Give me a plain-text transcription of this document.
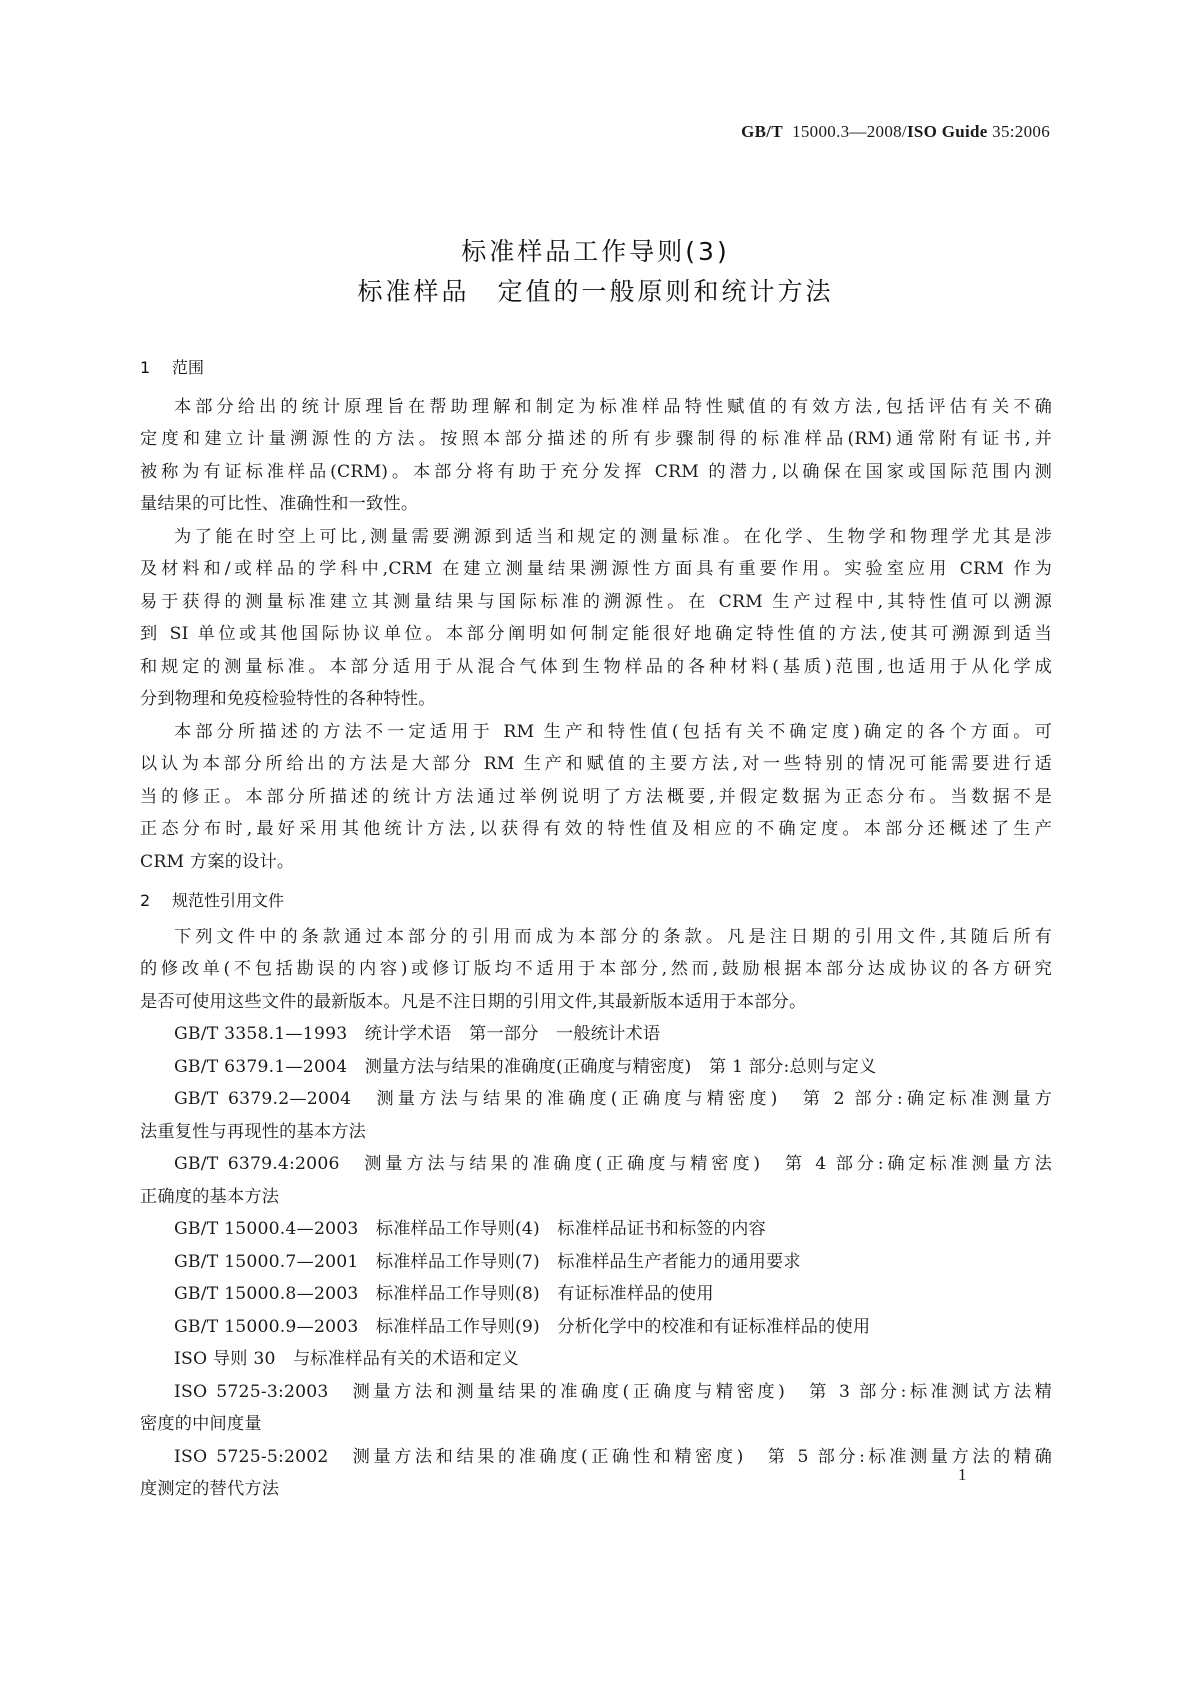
GB/T 15000.3—2008/ISO Guide 35:2006
标准样品工作导则(3)
标准样品　定值的一般原则和统计方法
1 范围
本部分给出的统计原理旨在帮助理解和制定为标准样品特性赋值的有效方法,包括评估有关不确
定度和建立计量溯源性的方法。按照本部分描述的所有步骤制得的标准样品(RM)通常附有证书,并
被称为有证标准样品(CRM)。本部分将有助于充分发挥 CRM 的潜力,以确保在国家或国际范围内测
量结果的可比性、准确性和一致性。
为了能在时空上可比,测量需要溯源到适当和规定的测量标准。在化学、生物学和物理学尤其是涉
及材料和/或样品的学科中,CRM 在建立测量结果溯源性方面具有重要作用。实验室应用 CRM 作为
易于获得的测量标准建立其测量结果与国际标准的溯源性。在 CRM 生产过程中,其特性值可以溯源
到 SI 单位或其他国际协议单位。本部分阐明如何制定能很好地确定特性值的方法,使其可溯源到适当
和规定的测量标准。本部分适用于从混合气体到生物样品的各种材料(基质)范围,也适用于从化学成
分到物理和免疫检验特性的各种特性。
本部分所描述的方法不一定适用于 RM 生产和特性值(包括有关不确定度)确定的各个方面。可
以认为本部分所给出的方法是大部分 RM 生产和赋值的主要方法,对一些特别的情况可能需要进行适
当的修正。本部分所描述的统计方法通过举例说明了方法概要,并假定数据为正态分布。当数据不是
正态分布时,最好采用其他统计方法,以获得有效的特性值及相应的不确定度。本部分还概述了生产
CRM 方案的设计。
2 规范性引用文件
下列文件中的条款通过本部分的引用而成为本部分的条款。凡是注日期的引用文件,其随后所有
的修改单(不包括勘误的内容)或修订版均不适用于本部分,然而,鼓励根据本部分达成协议的各方研究
是否可使用这些文件的最新版本。凡是不注日期的引用文件,其最新版本适用于本部分。
GB/T 3358.1—1993　统计学术语　第一部分　一般统计术语
GB/T 6379.1—2004　测量方法与结果的准确度(正确度与精密度)　第 1 部分:总则与定义
GB/T 6379.2—2004　测量方法与结果的准确度(正确度与精密度)　第 2 部分:确定标准测量方
法重复性与再现性的基本方法
GB/T 6379.4:2006　测量方法与结果的准确度(正确度与精密度)　第 4 部分:确定标准测量方法
正确度的基本方法
GB/T 15000.4—2003　标准样品工作导则(4)　标准样品证书和标签的内容
GB/T 15000.7—2001　标准样品工作导则(7)　标准样品生产者能力的通用要求
GB/T 15000.8—2003　标准样品工作导则(8)　有证标准样品的使用
GB/T 15000.9—2003　标准样品工作导则(9)　分析化学中的校准和有证标准样品的使用
ISO 导则 30　与标准样品有关的术语和定义
ISO 5725-3:2003　测量方法和测量结果的准确度(正确度与精密度)　第 3 部分:标准测试方法精
密度的中间度量
ISO 5725-5:2002　测量方法和结果的准确度(正确性和精密度)　第 5 部分:标准测量方法的精确
度测定的替代方法
1
